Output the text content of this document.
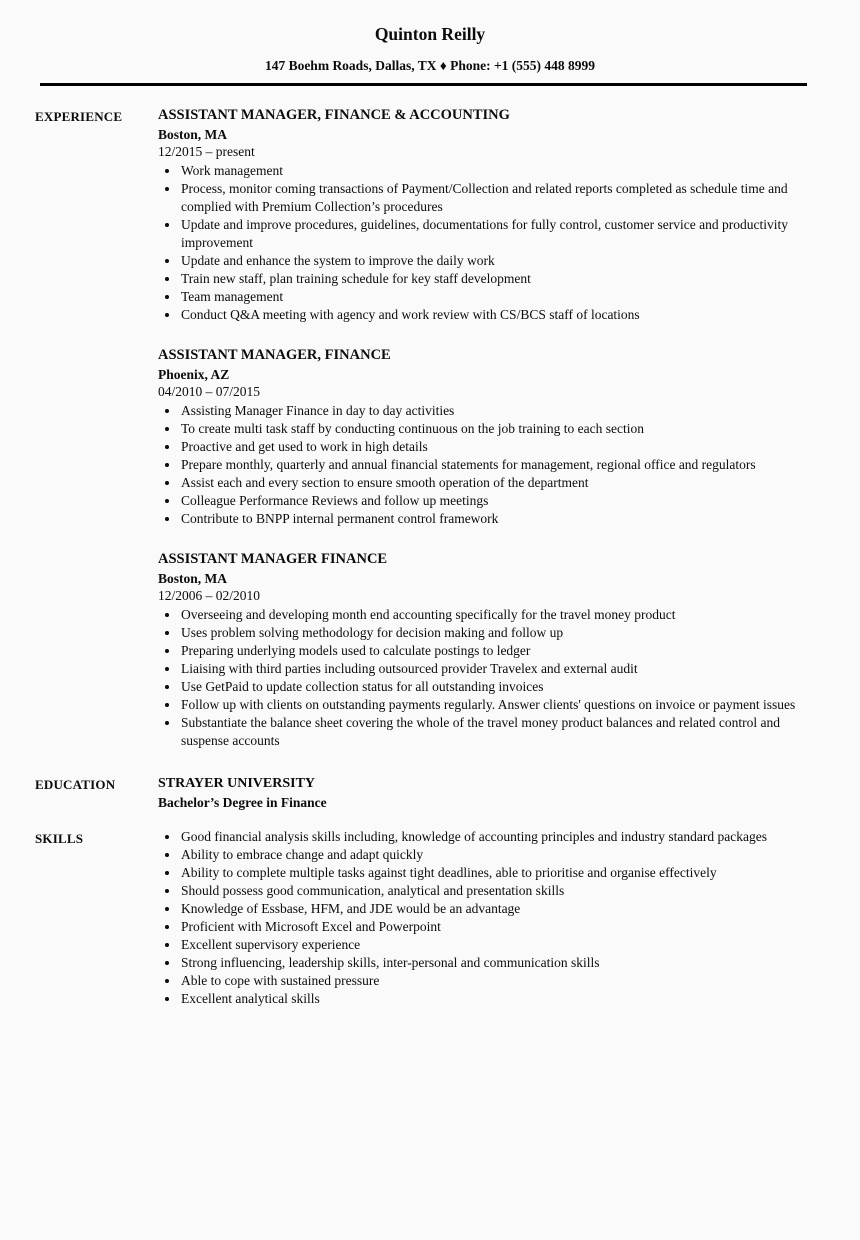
Quinton Reilly
147 Boehm Roads, Dallas, TX ♦ Phone: +1 (555) 448 8999
EXPERIENCE	ASSISTANT MANAGER, FINANCE & ACCOUNTING
Boston, MA
12/2015 – present
• Work management
• Process, monitor coming transactions of Payment/Collection and related reports completed as schedule time and complied with Premium Collection’s procedures
• Update and improve procedures, guidelines, documentations for fully control, customer service and productivity improvement
• Update and enhance the system to improve the daily work
• Train new staff, plan training schedule for key staff development
• Team management
• Conduct Q&A meeting with agency and work review with CS/BCS staff of locations
ASSISTANT MANAGER, FINANCE
Phoenix, AZ
04/2010 – 07/2015
• Assisting Manager Finance in day to day activities
• To create multi task staff by conducting continuous on the job training to each section
• Proactive and get used to work in high details
• Prepare monthly, quarterly and annual financial statements for management, regional office and regulators
• Assist each and every section to ensure smooth operation of the department
• Colleague Performance Reviews and follow up meetings
• Contribute to BNPP internal permanent control framework
ASSISTANT MANAGER FINANCE
Boston, MA
12/2006 – 02/2010
• Overseeing and developing month end accounting specifically for the travel money product
• Uses problem solving methodology for decision making and follow up
• Preparing underlying models used to calculate postings to ledger
• Liaising with third parties including outsourced provider Travelex and external audit
• Use GetPaid to update collection status for all outstanding invoices
• Follow up with clients on outstanding payments regularly. Answer clients' questions on invoice or payment issues
• Substantiate the balance sheet covering the whole of the travel money product balances and related control and suspense accounts
EDUCATION	STRAYER UNIVERSITY
Bachelor’s Degree in Finance
SKILLS	• Good financial analysis skills including, knowledge of accounting principles and industry standard packages
• Ability to embrace change and adapt quickly
• Ability to complete multiple tasks against tight deadlines, able to prioritise and organise effectively
• Should possess good communication, analytical and presentation skills
• Knowledge of Essbase, HFM, and JDE would be an advantage
• Proficient with Microsoft Excel and Powerpoint
• Excellent supervisory experience
• Strong influencing, leadership skills, inter-personal and communication skills
• Able to cope with sustained pressure
• Excellent analytical skills
